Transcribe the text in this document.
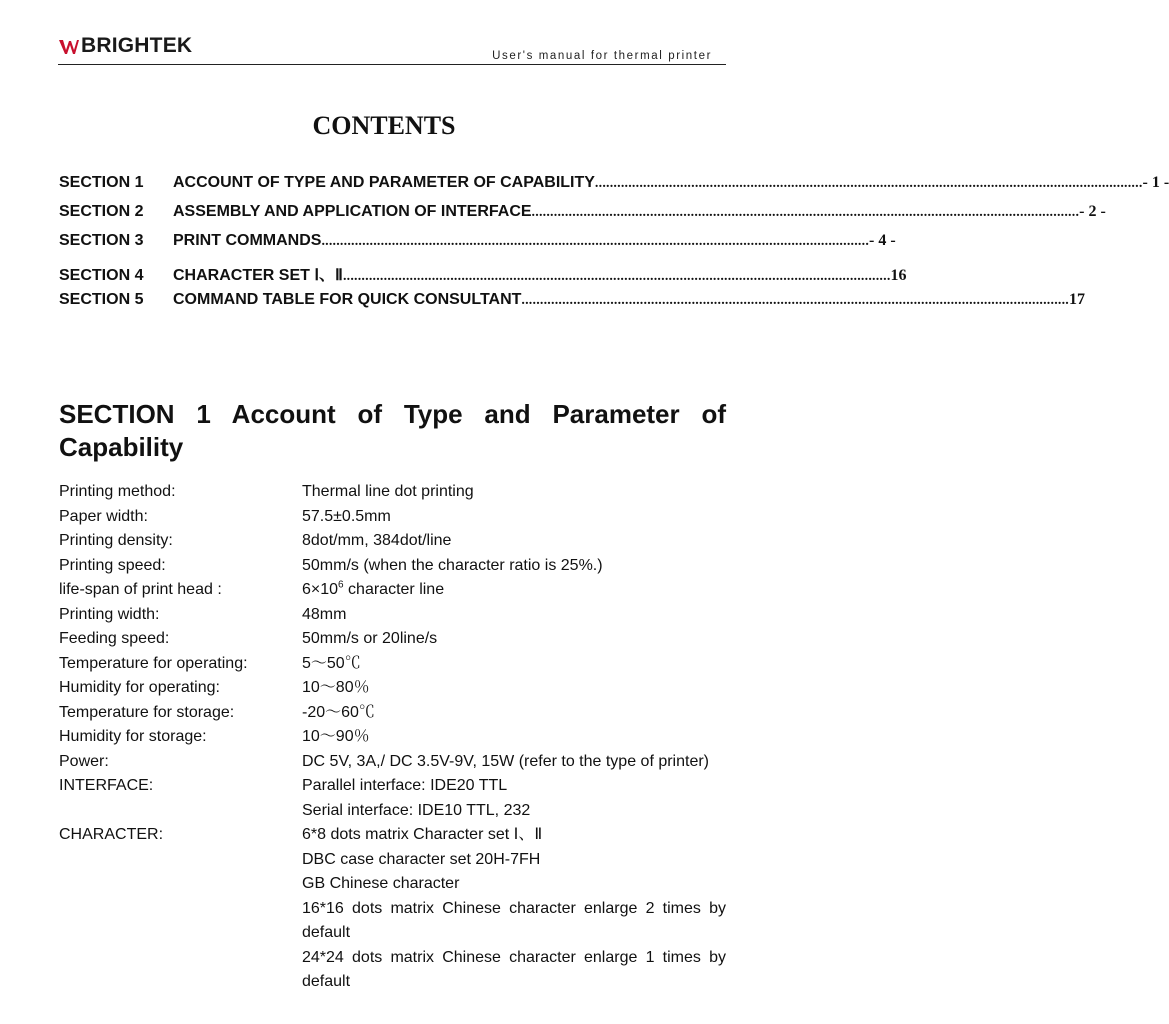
BRIGHTEK	User's manual for thermal printer
CONTENTS
SECTION 1	ACCOUNT OF TYPE AND PARAMETER OF CAPABILITY .................................................................................................................................................... - 1 -
SECTION 2	ASSEMBLY AND APPLICATION OF INTERFACE .................................................................................................................................................... - 2 -
SECTION 3	PRINT COMMANDS .................................................................................................................................................... - 4 -
SECTION 4	CHARACTER SET Ⅰ、Ⅱ .................................................................................................................................................... 16
SECTION 5	COMMAND TABLE FOR QUICK CONSULTANT .................................................................................................................................................... 17
SECTION 1 Account of Type and Parameter of Capability
Printing method:	Thermal line dot printing
Paper width:	57.5±0.5mm
Printing density:	8dot/mm, 384dot/line
Printing speed:	50mm/s (when the character ratio is 25%.)
life-span of print head :	$6\times 10^6$ character line
Printing width:	48mm
Feeding speed:	50mm/s or 20line/s
Temperature for operating:	5～50℃
Humidity for operating:	10～80％
Temperature for storage:	-20～60℃
Humidity for storage:	10～90％
Power:	DC 5V, 3A,/ DC 3.5V-9V, 15W (refer to the type of printer)
INTERFACE:	Parallel interface: IDE20 TTL
Serial interface: IDE10 TTL, 232
CHARACTER:	6*8 dots matrix Character set Ⅰ、Ⅱ
DBC case character set 20H-7FH
GB Chinese character
16*16 dots matrix Chinese character enlarge 2 times by default
24*24 dots matrix Chinese character enlarge 1 times by default
